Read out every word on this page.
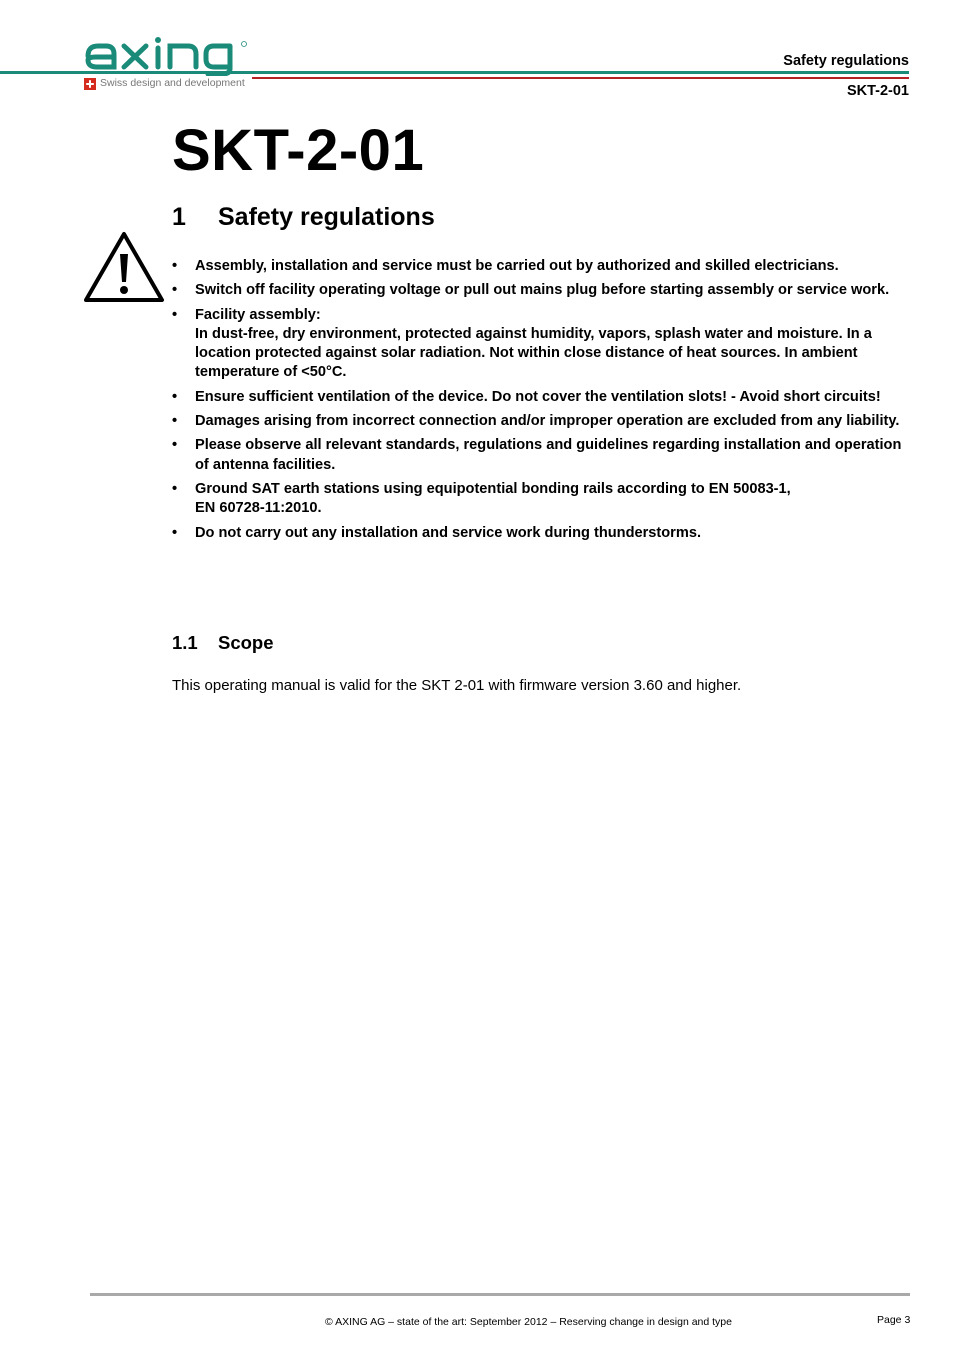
Swiss design and development
Safety regulations
SKT-2-01
SKT-2-01
1 Safety regulations
• Assembly, installation and service must be carried out by authorized and skilled electricians.
• Switch off facility operating voltage or pull out mains plug before starting assembly or service work.
• Facility assembly:
In dust-free, dry environment, protected against humidity, vapors, splash water and moisture. In a location protected against solar radiation. Not within close distance of heat sources. In ambient temperature of <50°C.
• Ensure sufficient ventilation of the device. Do not cover the ventilation slots! - Avoid short circuits!
• Damages arising from incorrect connection and/or improper operation are excluded from any liability.
• Please observe all relevant standards, regulations and guidelines regarding installation and operation of antenna facilities.
• Ground SAT earth stations using equipotential bonding rails according to EN 50083-1,
EN 60728-11:2010.
• Do not carry out any installation and service work during thunderstorms.
1.1 Scope
This operating manual is valid for the SKT 2-01 with firmware version 3.60 and higher.
© AXING AG – state of the art: September 2012 – Reserving change in design and type	Page 3
